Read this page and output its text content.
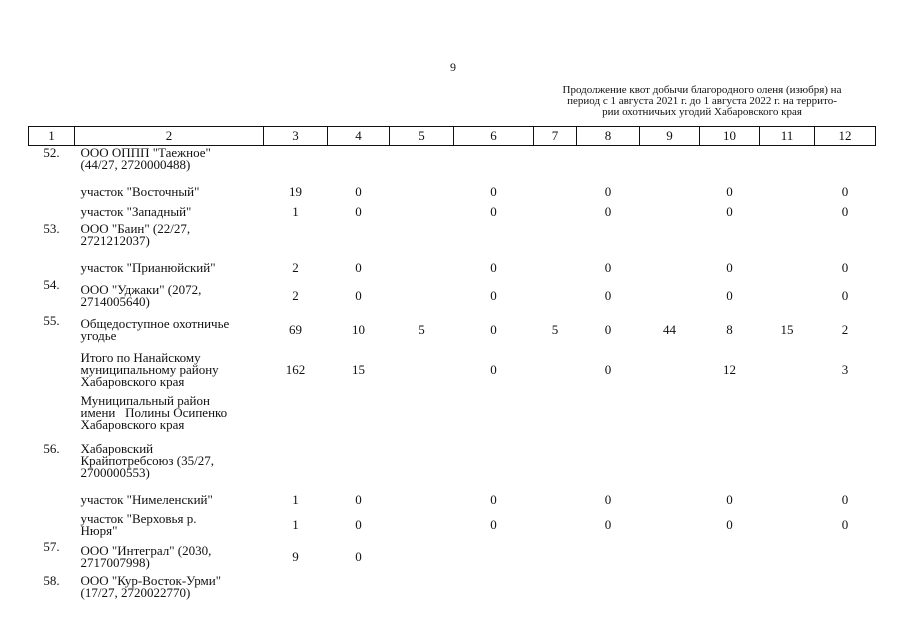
9
Продолжение квот добычи благородного оленя (изюбря) на
период с 1 августа 2021 г. до 1 августа 2022 г. на террито-
рии охотничьих угодий Хабаровского края
1	2	3	4	5	6	7	8	9	10	11	12
52.	ООО ОППП "Таежное"
(44/27, 2720000488)										

	участок "Восточный"	19	0		0		0		0		0

	участок "Западный"	1	0		0		0		0		0
53.	ООО "Баин" (22/27,
2721212037)										

	участок "Прианюйский"	2	0		0		0		0		0
54.	ООО "Уджаки" (2072,
2714005640)	2	0		0		0		0		0
55.	Общедоступное охотничье
угодье	69	10	5	0	5	0	44	8	15	2

	Итого по Нанайскому
муниципальному району
Хабаровского края	162	15		0		0		12		3

	Муниципальный район
имени   Полины Осипенко
Хабаровского края										

56.	Хабаровский
Крайпотребсоюз (35/27,
2700000553)										

	участок "Нимеленский"	1	0		0		0		0		0

	участок "Верховья р.
Нюря"	1	0		0		0		0		0
57.	ООО "Интеграл" (2030,
2717007998)	9	0								
58.	ООО "Кур-Восток-Урми"
(17/27, 2720022770)										
